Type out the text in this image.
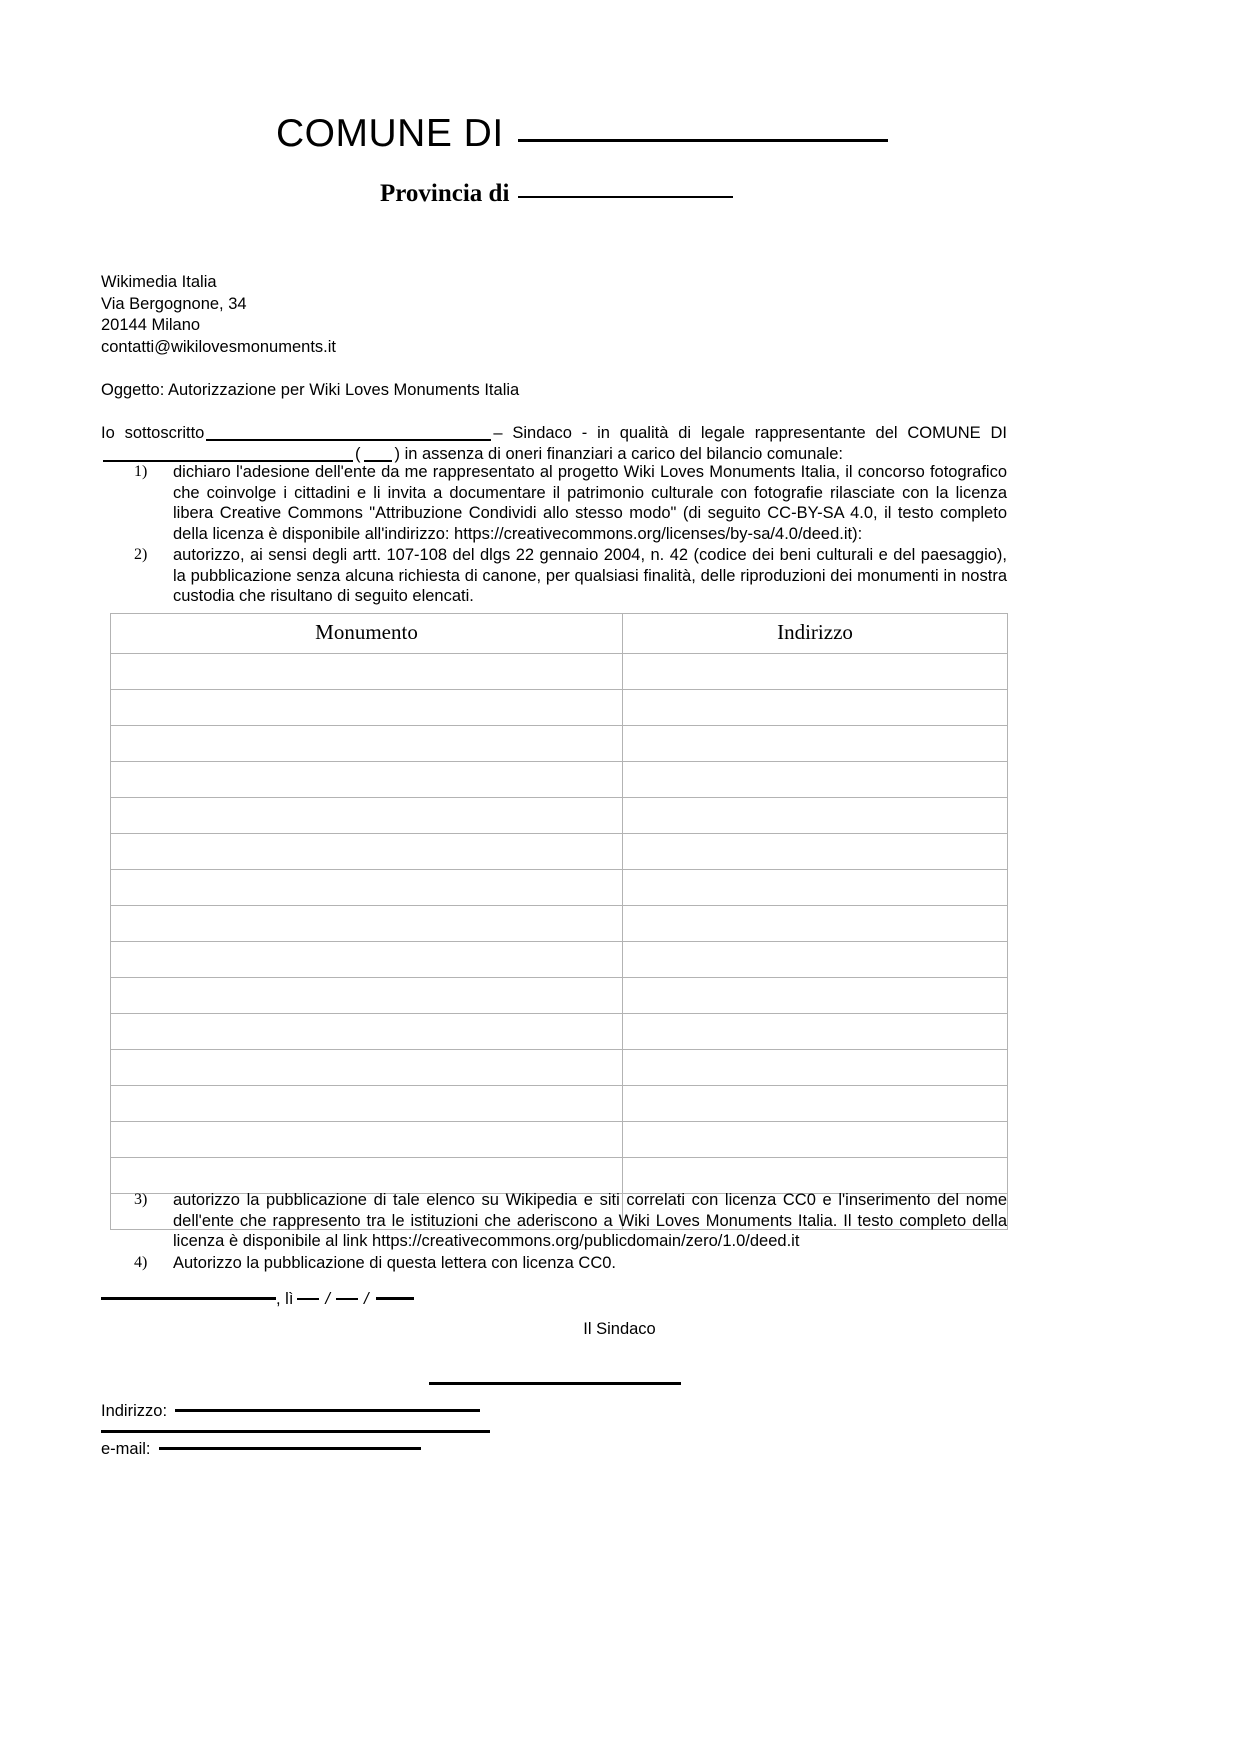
COMUNE DI
Provincia di
Wikimedia Italia
Via Bergognone, 34
20144 Milano
contatti@wikilovesmonuments.it
Oggetto: Autorizzazione per Wiki Loves Monuments Italia
Io sottoscritto	– Sindaco - in qualità di legale rappresentante del COMUNE DI( ) in assenza di oneri finanziari a carico del bilancio comunale:
1) dichiaro l'adesione dell'ente da me rappresentato al progetto Wiki Loves Monuments Italia, il concorso fotografico che coinvolge i cittadini e li invita a documentare il patrimonio culturale con fotografie rilasciate con la licenza libera Creative Commons "Attribuzione Condividi allo stesso modo" (di seguito CC-BY-SA 4.0, il testo completo della licenza è disponibile all'indirizzo: https://creativecommons.org/licenses/by-sa/4.0/deed.it):
2) autorizzo, ai sensi degli artt. 107-108 del dlgs 22 gennaio 2004, n. 42 (codice dei beni culturali e del paesaggio), la pubblicazione senza alcuna richiesta di canone, per qualsiasi finalità, delle riproduzioni dei monumenti in nostra custodia che risultano di seguito elencati.
Monumento	Indirizzo

3) autorizzo la pubblicazione di tale elenco su Wikipedia e siti correlati con licenza CC0 e l'inserimento del nome dell'ente che rappresento tra le istituzioni che aderiscono a Wiki Loves Monuments Italia. Il testo completo della licenza è disponibile al link https://creativecommons.org/publicdomain/zero/1.0/deed.it
4) Autorizzo la pubblicazione di questa lettera con licenza CC0.
, lì / /
Il Sindaco
Indirizzo:
e-mail:
